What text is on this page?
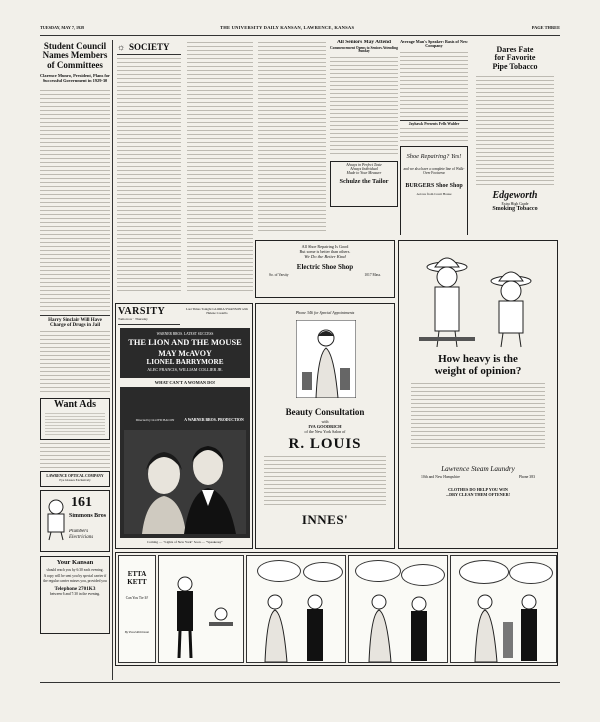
TUESDAY, MAY 7, 1929	THE UNIVERSITY DAILY KANSAN, LAWRENCE, KANSAS	PAGE THREE
Student Council Names Members of Committees
Clarence Munro, President, Plans for Successful Government in 1929-30
Harry Sinclair Will Have Charge of Drugs in Jail
Want Ads
LAWRENCE OPTICAL COMPANY
Eye Glasses Exclusively
161
Simmons Bros
Plumbers Electricians
Your Kansan
should reach you by 6:30 each evening.
A copy will be sent you by special carrier if the regular carrier misses you, provided you
Telephone 2701K3
between 6 and 7:30 in the evening.
☼ SOCIETY	All Seniors May Attend
Commencement Opens to Seniors Attending Sunday
Always in Perfect Taste
Always Individual
Made to Your Measure
Schulze the Tailor
Average Man's Speaker: Basis of New Company
Jayhawk Presents Fells Walder
Shoe Repairing? Yes!
and we also have a complete line of Walk-Over Footwear
BURGERS Shoe Shop
Across from Court House
Dares Fate
for Favorite
Pipe Tobacco
Edgeworth
Extra High Grade
Smoking Tobacco
All Shoe Repairing Is Good
But some is better than others.
We Do the Better Kind
Electric Shoe Shop
So. of Varsity	1017 Mass.
VARSITY
Tomorrow · Thursday
Last Times Tonight GLORIA SWANSON with Helene Costello
WARNER BROS. LATEST SUCCESS
THE LION AND THE MOUSE
MAY McAVOY
LIONEL BARRYMORE
ALEC FRANCIS, WILLIAM COLLIER JR.
WHAT CAN'T A WOMAN DO!
Directed by LLOYD BACON	A WARNER BROS. PRODUCTION
Coming — "Lights of New York" Soon — "Speakeasy"
Phone 346 for Special Appointments
Beauty Consultation
with
IVA GOODRICH
of the New York Salon of
R. LOUIS
INNES'
How heavy is the
weight of opinion?
Lawrence Steam Laundry
10th and New Hampshire	Phone 383
CLOTHES DO HELP YOU WIN
...DRY CLEAN THEM OFTENER!
ETTA
KETT
Can You Tie It?
By Paul Robinson
